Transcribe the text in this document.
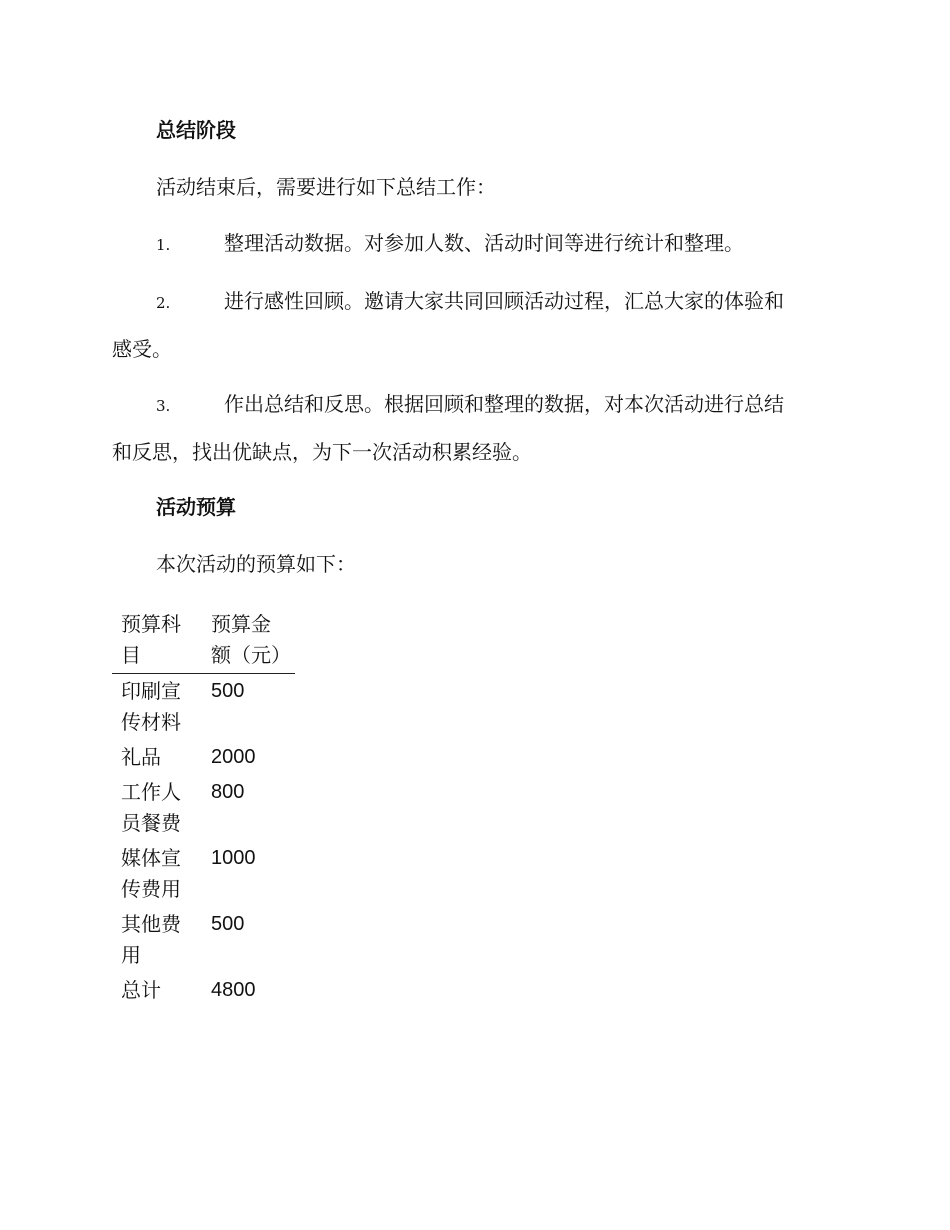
总结阶段
活动结束后，需要进行如下总结工作：
1.	整理活动数据。对参加人数、活动时间等进行统计和整理。
2.	进行感性回顾。邀请大家共同回顾活动过程，汇总大家的体验和
感受。
3.	作出总结和反思。根据回顾和整理的数据，对本次活动进行总结
和反思，找出优缺点，为下一次活动积累经验。
活动预算
本次活动的预算如下：
预算科目	预算金额（元）

印刷宣传材料	500

礼品	2000

工作人员餐费	800

媒体宣传费用	1000

其他费用	500

总计	4800
